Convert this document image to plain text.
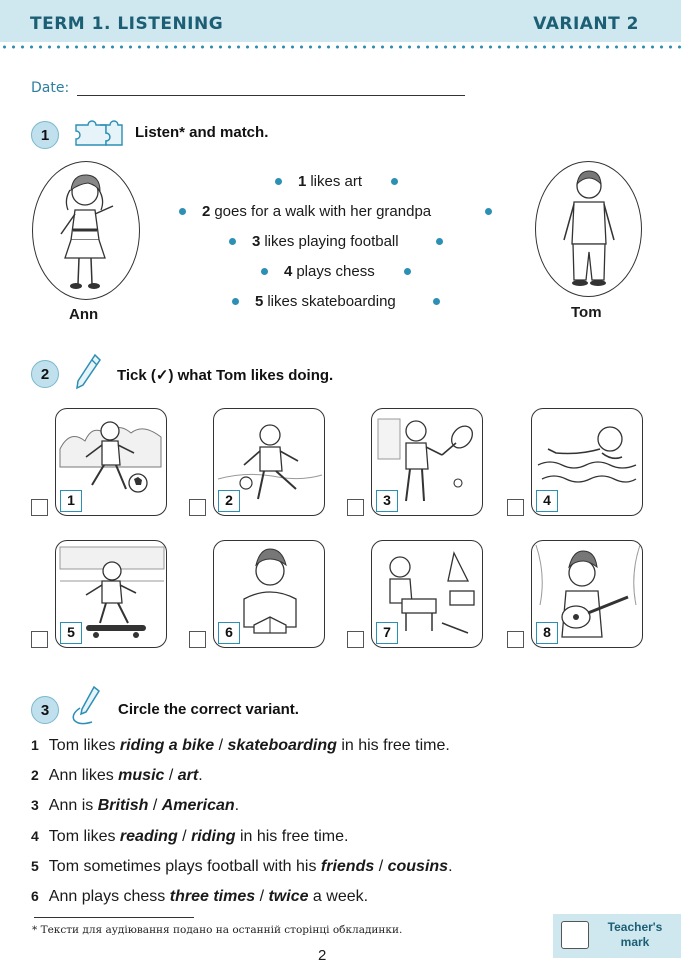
TERM 1. LISTENING	VARIANT 2
Date:
1	Listen* and match.
Ann	Tom
1 likes art
2 goes for a walk with her grandpa
3 likes playing football
4 plays chess
5 likes skateboarding
2	Tick (✓) what Tom likes doing.
1	2	3	4
5	6	7	8
3	Circle the correct variant.
1 Tom likes riding a bike / skateboarding in his free time.
2 Ann likes music / art.
3 Ann is British / American.
4 Tom likes reading / riding in his free time.
5 Tom sometimes plays football with his friends / cousins.
6 Ann plays chess three times / twice a week.
* Тексти для аудіювання подано на останній сторінці обкладинки.	Teacher's
mark
2
